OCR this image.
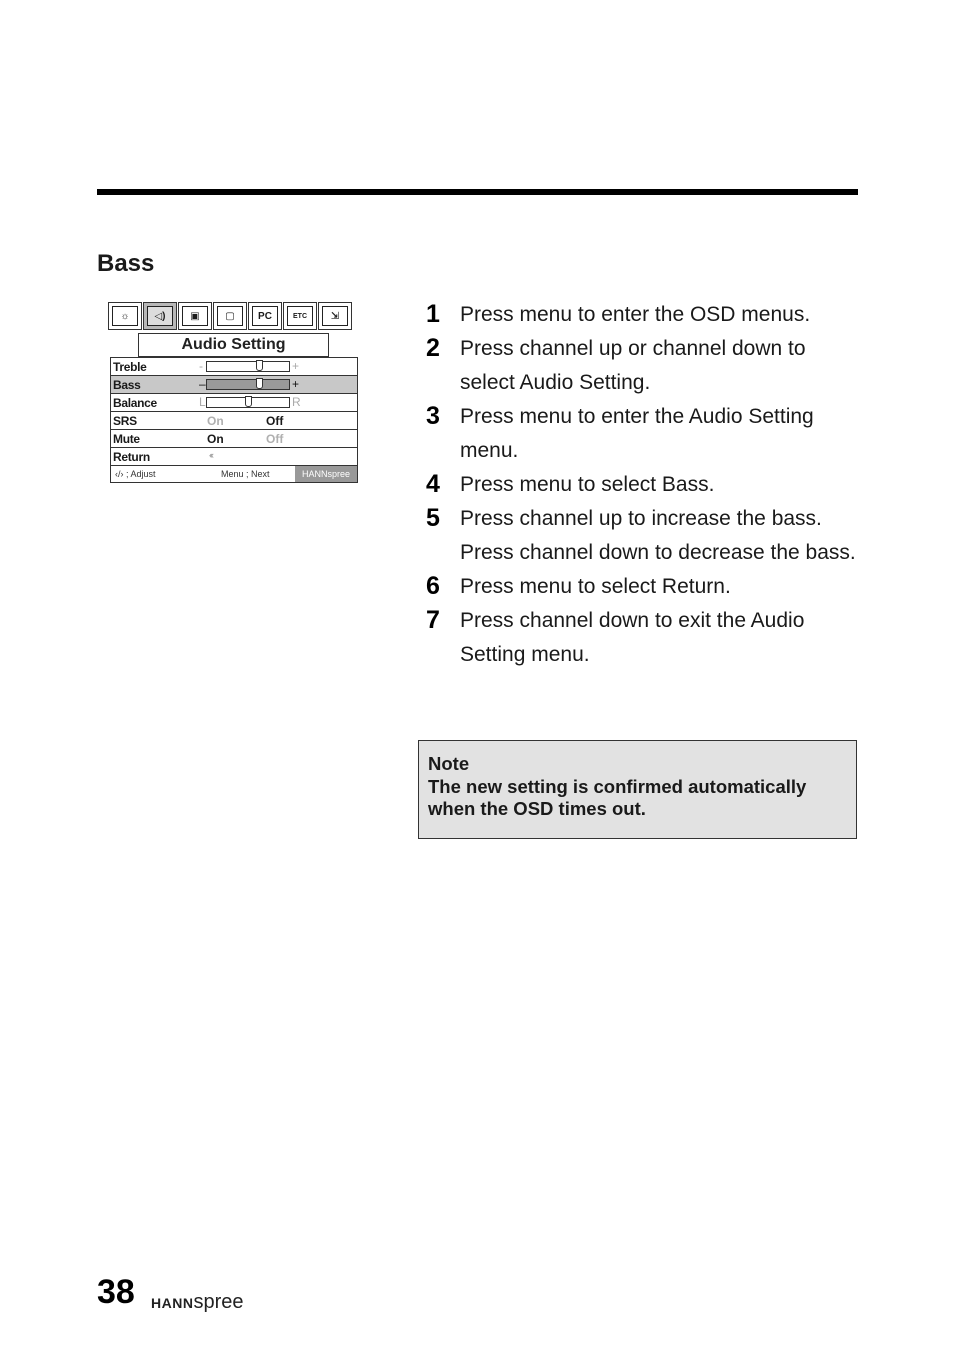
Bass
☼	◁)	▣	▢	PC	ETC	⇲
Audio Setting
Treble	-	+
Bass	–	+
Balance	L	R
SRS	On	Off
Mute	On	Off
Return	‹‹‹
‹/› ; Adjust	Menu ; Next	HANNspree
1 Press menu to enter the OSD menus.
2 Press channel up or channel down to select Audio Setting.
3 Press menu to enter the Audio Setting menu.
4 Press menu to select Bass.
5 Press channel up to increase the bass. Press channel down to decrease the bass.
6 Press menu to select Return.
7 Press channel down to exit the Audio Setting menu.
Note
The new setting is confirmed automatically when the OSD times out.
38 HANNspree
